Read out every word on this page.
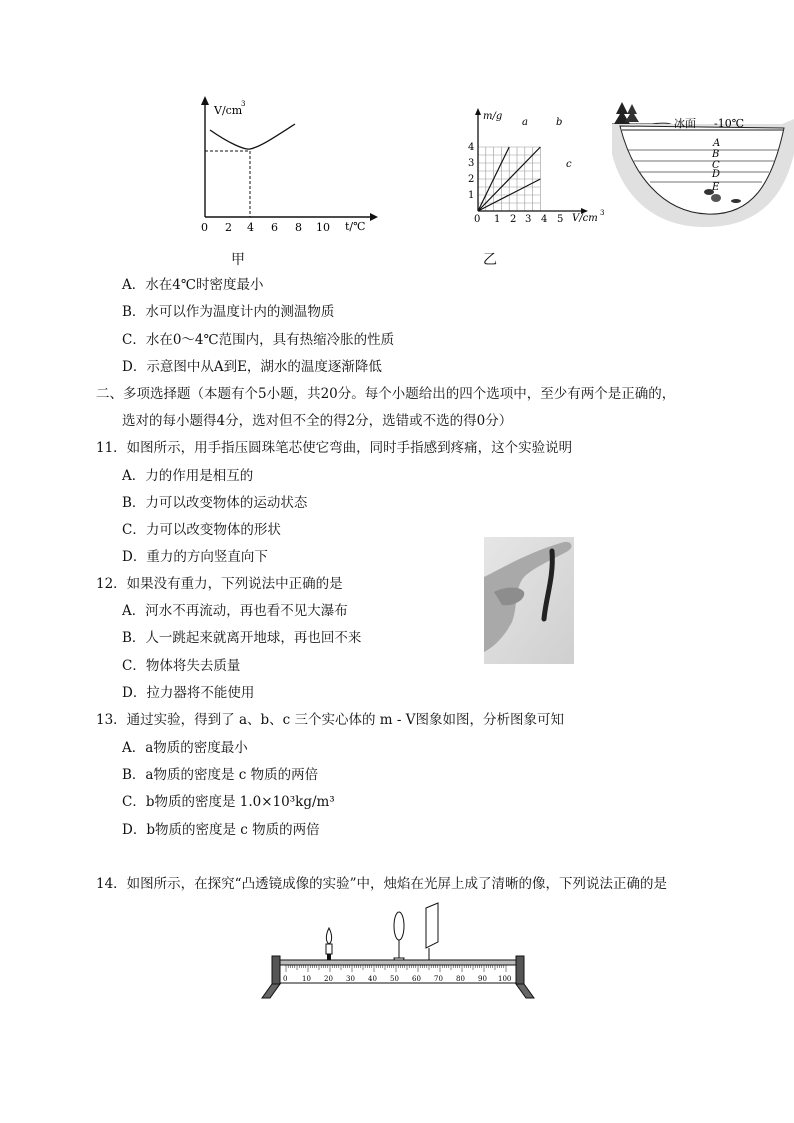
V/cm
3
t/℃
0 2 4 6 8 10
甲
m/g
V/cm 3
0 1 2 3 4 5
1
2
3
4
a	b
c
乙
冰面 -10℃
A
B
C
D
E
A．水在4℃时密度最小
B．水可以作为温度计内的测温物质
C．水在0～4℃范围内，具有热缩冷胀的性质
D．示意图中从A到E，湖水的温度逐渐降低
二、多项选择题（本题有个5小题，共20分。每个小题给出的四个选项中，至少有两个是正确的，
选对的每小题得4分，选对但不全的得2分，选错或不选的得0分）
11．如图所示，用手指压圆珠笔芯使它弯曲，同时手指感到疼痛，这个实验说明
A．力的作用是相互的
B．力可以改变物体的运动状态
C．力可以改变物体的形状
D．重力的方向竖直向下
12．如果没有重力，下列说法中正确的是
A．河水不再流动，再也看不见大瀑布
B．人一跳起来就离开地球，再也回不来
C．物体将失去质量
D．拉力器将不能使用
13．通过实验，得到了 a、b、c 三个实心体的 m - V图象如图，分析图象可知
A．a物质的密度最小
B．a物质的密度是 c 物质的两倍
C．b物质的密度是 1.0×10³kg/m³
D．b物质的密度是 c 物质的两倍
14．如图所示，在探究“凸透镜成像的实验”中，烛焰在光屏上成了清晰的像，下列说法正确的是
0 10 20 30 40 50 60 70 80 90 100
